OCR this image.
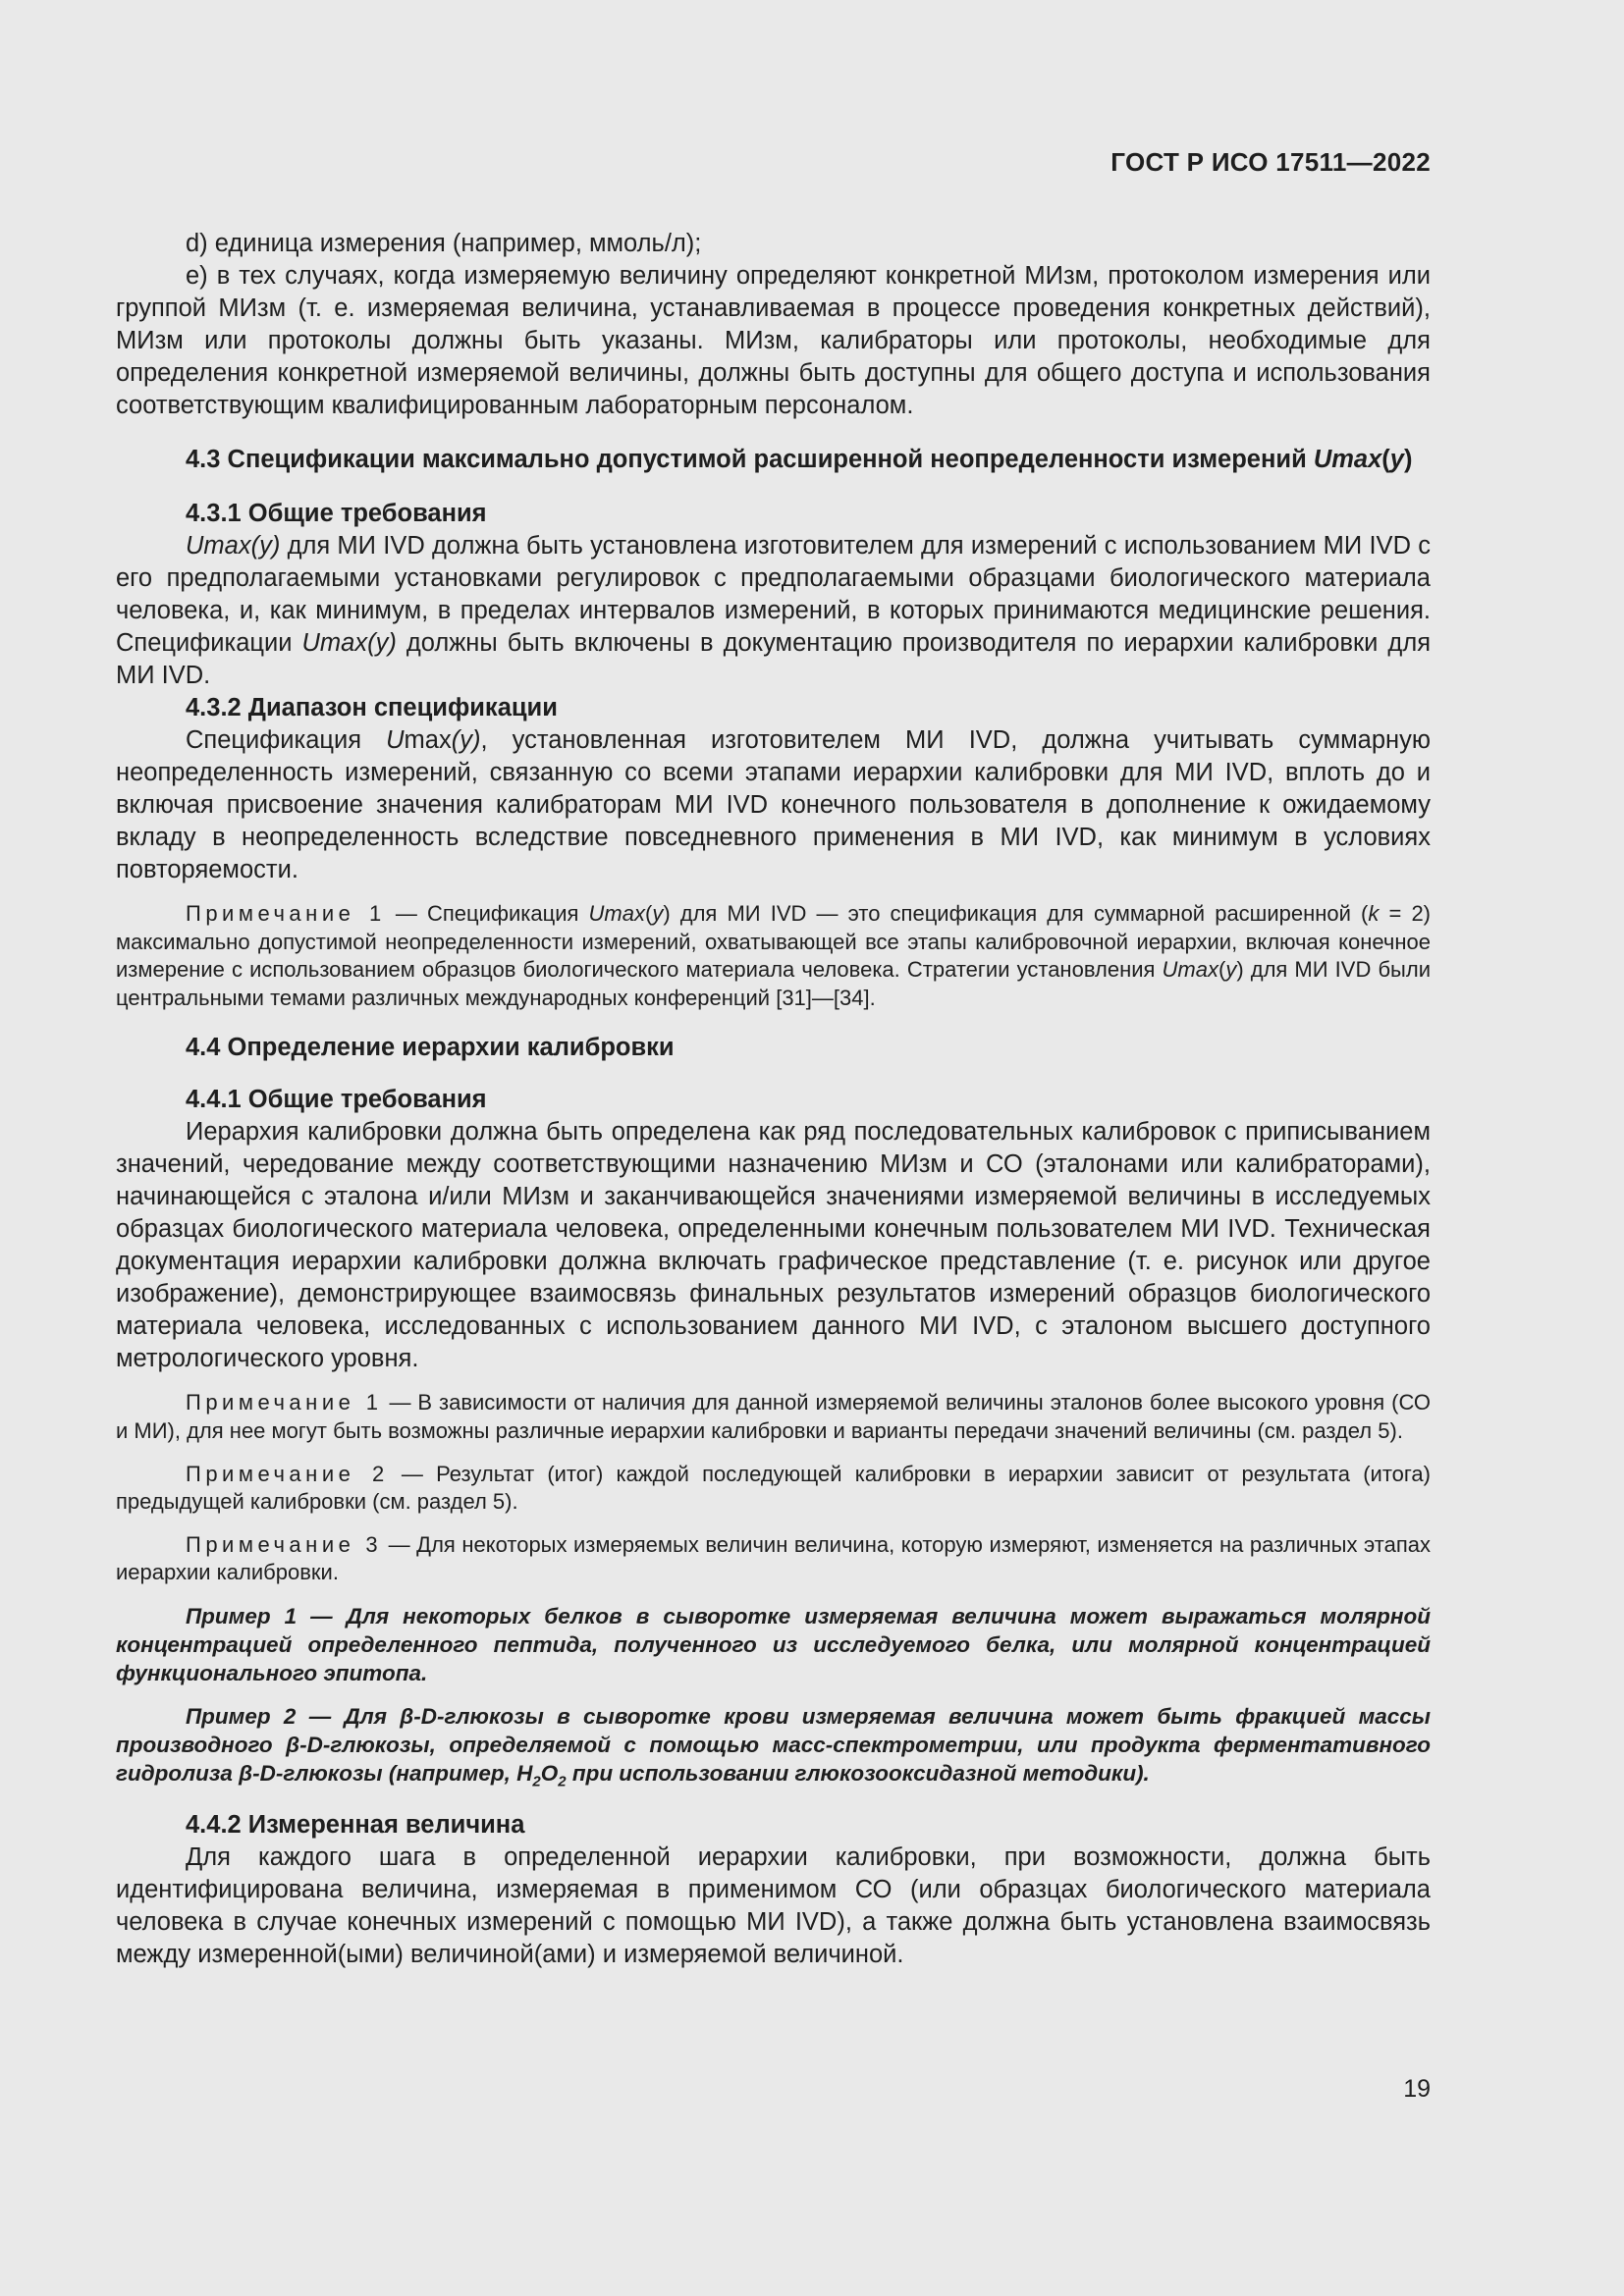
ГОСТ Р ИСО 17511—2022

d) единица измерения (например, ммоль/л);

e) в тех случаях, когда измеряемую величину определяют конкретной МИзм, протоколом измерения или группой МИзм (т. е. измеряемая величина, устанавливаемая в процессе проведения конкретных действий), МИзм или протоколы должны быть указаны. МИзм, калибраторы или протоколы, необходимые для определения конкретной измеряемой величины, должны быть доступны для общего доступа и использования соответствующим квалифицированным лабораторным персоналом.

4.3 Спецификации максимально допустимой расширенной неопределенности измерений Umax(y)

4.3.1 Общие требования

Umax(y) для МИ IVD должна быть установлена изготовителем для измерений с использованием МИ IVD с его предполагаемыми установками регулировок с предполагаемыми образцами биологического материала человека, и, как минимум, в пределах интервалов измерений, в которых принимаются медицинские решения. Спецификации Umax(y) должны быть включены в документацию производителя по иерархии калибровки для МИ IVD.

4.3.2 Диапазон спецификации

Спецификация Umax(y), установленная изготовителем МИ IVD, должна учитывать суммарную неопределенность измерений, связанную со всеми этапами иерархии калибровки для МИ IVD, вплоть до и включая присвоение значения калибраторам МИ IVD конечного пользователя в дополнение к ожидаемому вкладу в неопределенность вследствие повседневного применения в МИ IVD, как минимум в условиях повторяемости.

Примечание 1 — Спецификация Umax(y) для МИ IVD — это спецификация для суммарной расширенной (k = 2) максимально допустимой неопределенности измерений, охватывающей все этапы калибровочной иерархии, включая конечное измерение с использованием образцов биологического материала человека. Стратегии установления Umax(y) для МИ IVD были центральными темами различных международных конференций [31]—[34].

4.4 Определение иерархии калибровки

4.4.1 Общие требования

Иерархия калибровки должна быть определена как ряд последовательных калибровок с приписыванием значений, чередование между соответствующими назначению МИзм и СО (эталонами или калибраторами), начинающейся с эталона и/или МИзм и заканчивающейся значениями измеряемой величины в исследуемых образцах биологического материала человека, определенными конечным пользователем МИ IVD. Техническая документация иерархии калибровки должна включать графическое представление (т. е. рисунок или другое изображение), демонстрирующее взаимосвязь финальных результатов измерений образцов биологического материала человека, исследованных с использованием данного МИ IVD, с эталоном высшего доступного метрологического уровня.

Примечание 1 — В зависимости от наличия для данной измеряемой величины эталонов более высокого уровня (СО и МИ), для нее могут быть возможны различные иерархии калибровки и варианты передачи значений величины (см. раздел 5).

Примечание 2 — Результат (итог) каждой последующей калибровки в иерархии зависит от результата (итога) предыдущей калибровки (см. раздел 5).

Примечание 3 — Для некоторых измеряемых величин величина, которую измеряют, изменяется на различных этапах иерархии калибровки.

Пример 1 — Для некоторых белков в сыворотке измеряемая величина может выражаться молярной концентрацией определенного пептида, полученного из исследуемого белка, или молярной концентрацией функционального эпитопа.

Пример 2 — Для β-D-глюкозы в сыворотке крови измеряемая величина может быть фракцией массы производного β-D-глюкозы, определяемой с помощью масс-спектрометрии, или продукта ферментативного гидролиза β-D-глюкозы (например, $H_2O_2$ при использовании глюкозооксидазной методики).

4.4.2 Измеренная величина

Для каждого шага в определенной иерархии калибровки, при возможности, должна быть идентифицирована величина, измеряемая в применимом СО (или образцах биологического материала человека в случае конечных измерений с помощью МИ IVD), а также должна быть установлена взаимосвязь между измеренной(ыми) величиной(ами) и измеряемой величиной.

19
